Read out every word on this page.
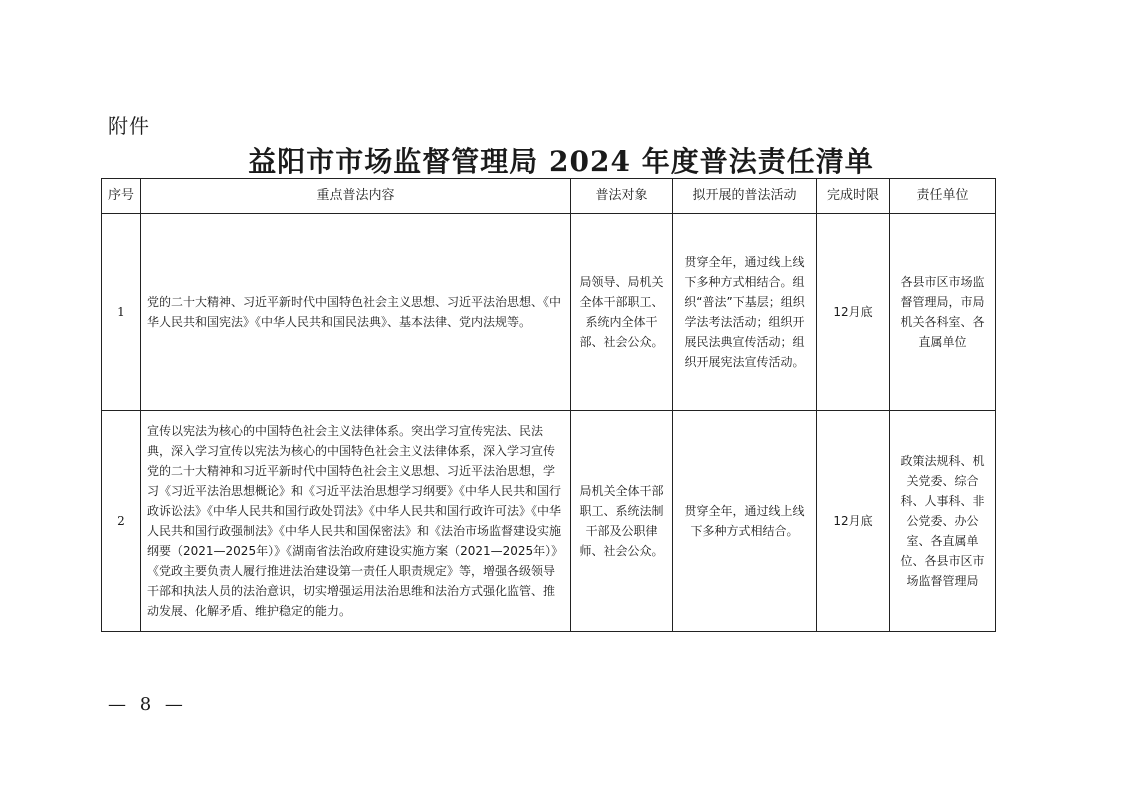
附件
益阳市市场监督管理局 2024 年度普法责任清单
序号	重点普法内容	普法对象	拟开展的普法活动	完成时限	责任单位
1	党的二十大精神、习近平新时代中国特色社会主义思想、习近平法治思想、《中华人民共和国宪法》《中华人民共和国民法典》、基本法律、党内法规等。	局领导、局机关全体干部职工、系统内全体干部、社会公众。	贯穿全年，通过线上线下多种方式相结合。组织“普法”下基层；组织学法考法活动；组织开展民法典宣传活动；组织开展宪法宣传活动。	12月底	各县市区市场监督管理局，市局机关各科室、各直属单位
2	宣传以宪法为核心的中国特色社会主义法律体系。突出学习宣传宪法、民法典，深入学习宣传以宪法为核心的中国特色社会主义法律体系，深入学习宣传党的二十大精神和习近平新时代中国特色社会主义思想、习近平法治思想，学习《习近平法治思想概论》和《习近平法治思想学习纲要》《中华人民共和国行政诉讼法》《中华人民共和国行政处罚法》《中华人民共和国行政许可法》《中华人民共和国行政强制法》《中华人民共和国保密法》和《法治市场监督建设实施纲要（2021—2025年）》《湖南省法治政府建设实施方案（2021—2025年）》《党政主要负责人履行推进法治建设第一责任人职责规定》等，增强各级领导干部和执法人员的法治意识，切实增强运用法治思维和法治方式强化监管、推动发展、化解矛盾、维护稳定的能力。	局机关全体干部职工、系统法制干部及公职律师、社会公众。	贯穿全年，通过线上线下多种方式相结合。	12月底	政策法规科、机关党委、综合科、人事科、非公党委、办公室、各直属单位、各县市区市场监督管理局
— 8 —
